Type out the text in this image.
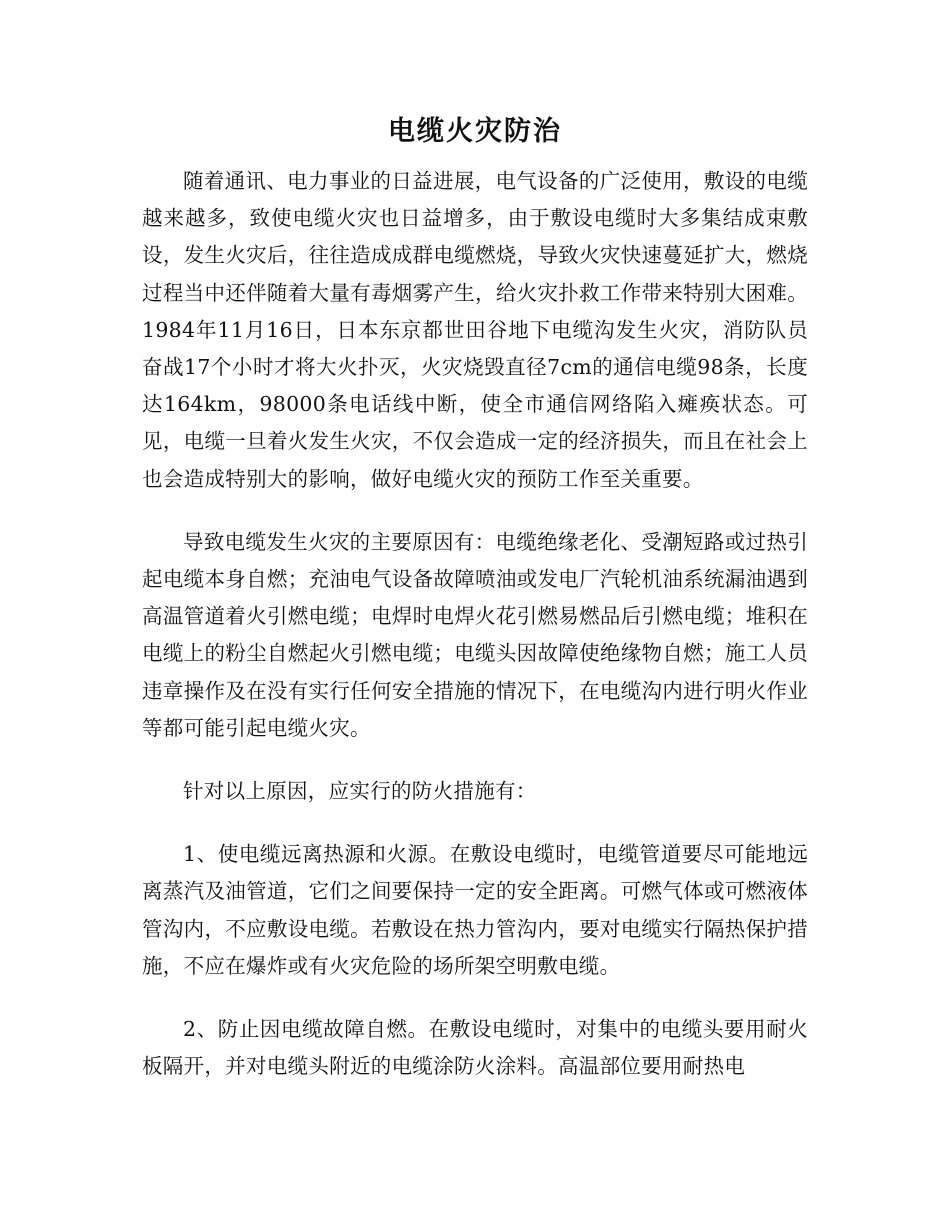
电缆火灾防治

随着通讯、电力事业的日益进展，电气设备的广泛使用，敷设的电缆越来越多，致使电缆火灾也日益增多，由于敷设电缆时大多集结成束敷设，发生火灾后，往往造成成群电缆燃烧，导致火灾快速蔓延扩大，燃烧过程当中还伴随着大量有毒烟雾产生，给火灾扑救工作带来特别大困难。1984年11月16日，日本东京都世田谷地下电缆沟发生火灾，消防队员奋战17个小时才将大火扑灭，火灾烧毁直径7cm的通信电缆98条，长度达164km，98000条电话线中断，使全市通信网络陷入瘫痪状态。可见，电缆一旦着火发生火灾，不仅会造成一定的经济损失，而且在社会上也会造成特别大的影响，做好电缆火灾的预防工作至关重要。

导致电缆发生火灾的主要原因有：电缆绝缘老化、受潮短路或过热引起电缆本身自燃；充油电气设备故障喷油或发电厂汽轮机油系统漏油遇到高温管道着火引燃电缆；电焊时电焊火花引燃易燃品后引燃电缆；堆积在电缆上的粉尘自燃起火引燃电缆；电缆头因故障使绝缘物自燃；施工人员违章操作及在没有实行任何安全措施的情况下，在电缆沟内进行明火作业等都可能引起电缆火灾。

针对以上原因，应实行的防火措施有：

1、使电缆远离热源和火源。在敷设电缆时，电缆管道要尽可能地远离蒸汽及油管道，它们之间要保持一定的安全距离。可燃气体或可燃液体管沟内，不应敷设电缆。若敷设在热力管沟内，要对电缆实行隔热保护措施，不应在爆炸或有火灾危险的场所架空明敷电缆。

2、防止因电缆故障自燃。在敷设电缆时，对集中的电缆头要用耐火板隔开，并对电缆头附近的电缆涂防火涂料。高温部位要用耐热电
